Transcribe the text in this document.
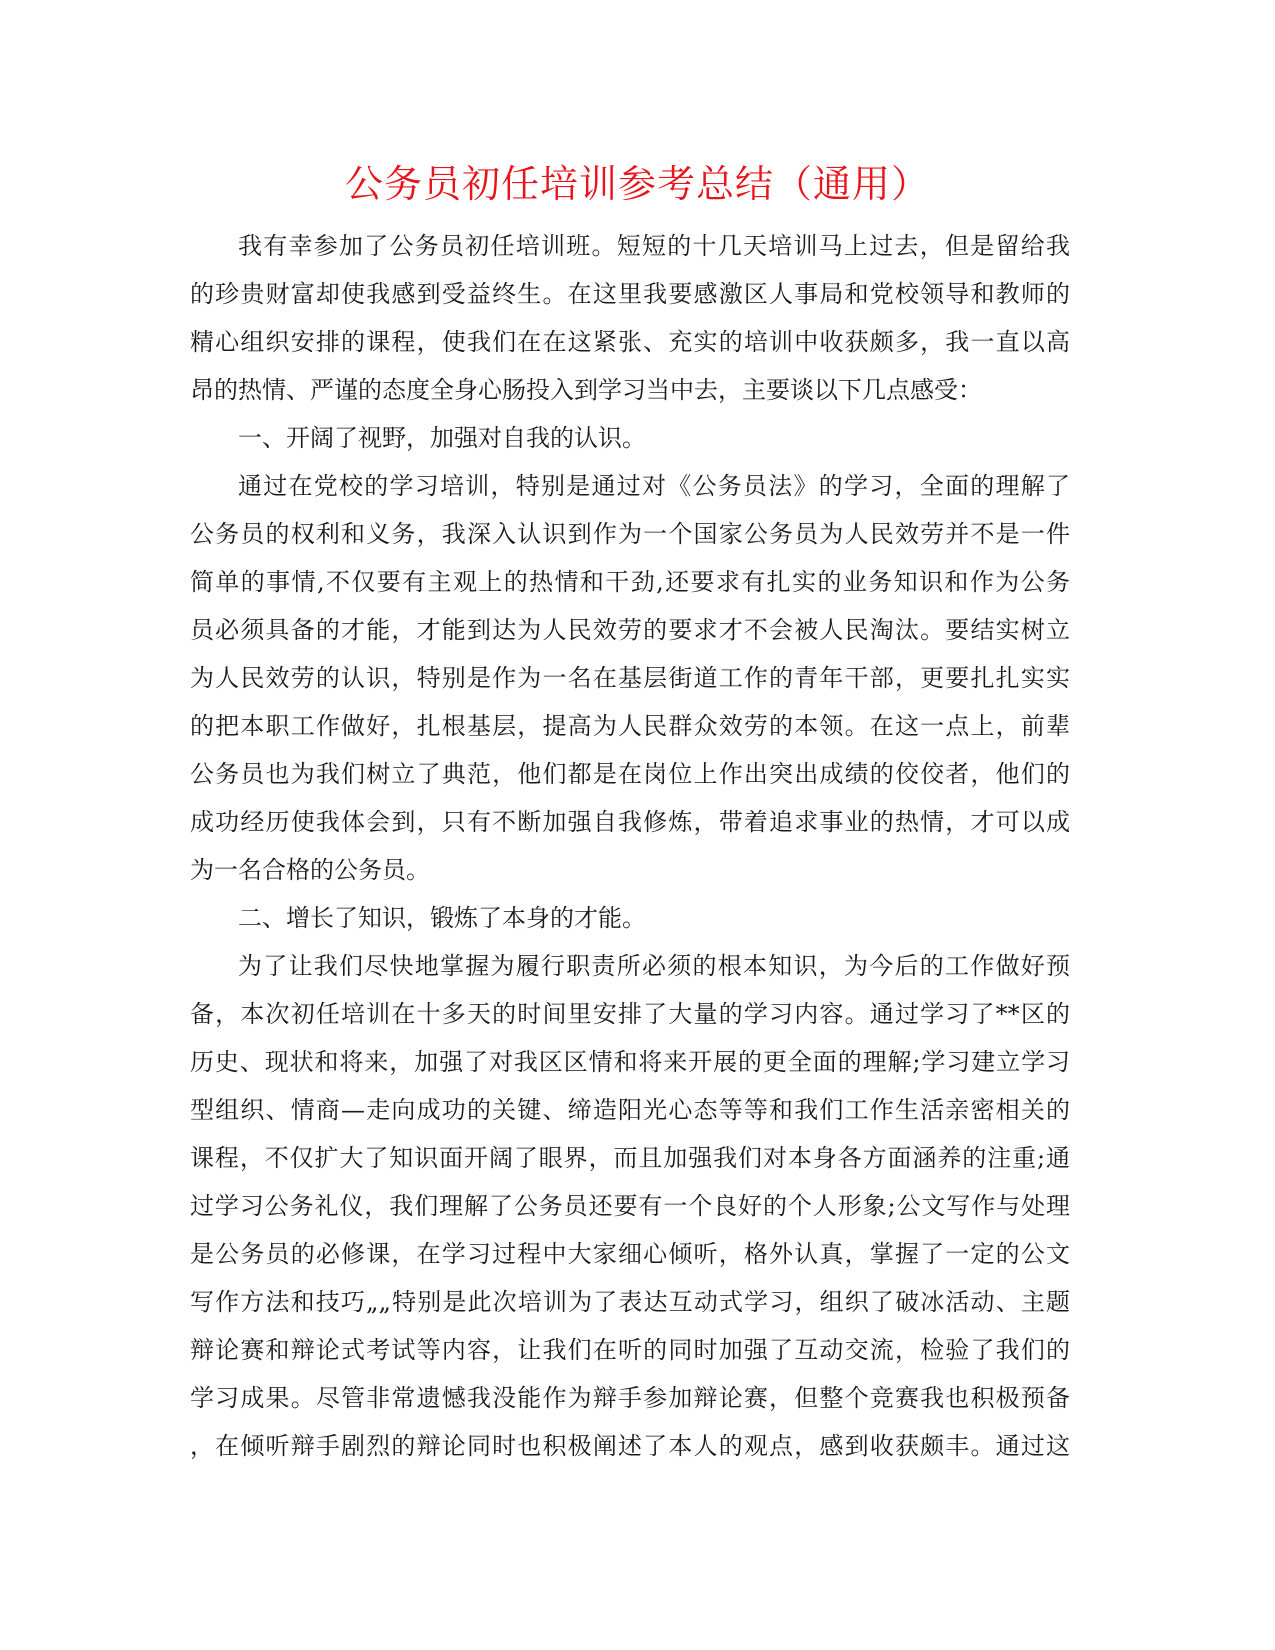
公务员初任培训参考总结（通用）
我有幸参加了公务员初任培训班。短短的十几天培训马上过去，但是留给我
的珍贵财富却使我感到受益终生。在这里我要感激区人事局和党校领导和教师的
精心组织安排的课程，使我们在在这紧张、充实的培训中收获颇多，我一直以高
昂的热情、严谨的态度全身心肠投入到学习当中去，主要谈以下几点感受：
一、开阔了视野，加强对自我的认识。
通过在党校的学习培训，特别是通过对《公务员法》的学习，全面的理解了
公务员的权利和义务，我深入认识到作为一个国家公务员为人民效劳并不是一件
简单的事情,不仅要有主观上的热情和干劲,还要求有扎实的业务知识和作为公务
员必须具备的才能，才能到达为人民效劳的要求才不会被人民淘汰。要结实树立
为人民效劳的认识，特别是作为一名在基层街道工作的青年干部，更要扎扎实实
的把本职工作做好，扎根基层，提高为人民群众效劳的本领。在这一点上，前辈
公务员也为我们树立了典范，他们都是在岗位上作出突出成绩的佼佼者，他们的
成功经历使我体会到，只有不断加强自我修炼，带着追求事业的热情，才可以成
为一名合格的公务员。
二、增长了知识，锻炼了本身的才能。
为了让我们尽快地掌握为履行职责所必须的根本知识，为今后的工作做好预
备，本次初任培训在十多天的时间里安排了大量的学习内容。通过学习了**区的
历史、现状和将来，加强了对我区区情和将来开展的更全面的理解;学习建立学习
型组织、情商—走向成功的关键、缔造阳光心态等等和我们工作生活亲密相关的
课程，不仅扩大了知识面开阔了眼界，而且加强我们对本身各方面涵养的注重;通
过学习公务礼仪，我们理解了公务员还要有一个良好的个人形象;公文写作与处理
是公务员的必修课，在学习过程中大家细心倾听，格外认真，掌握了一定的公文
写作方法和技巧„„特别是此次培训为了表达互动式学习，组织了破冰活动、主题
辩论赛和辩论式考试等内容，让我们在听的同时加强了互动交流，检验了我们的
学习成果。尽管非常遗憾我没能作为辩手参加辩论赛，但整个竞赛我也积极预备
，在倾听辩手剧烈的辩论同时也积极阐述了本人的观点，感到收获颇丰。通过这
